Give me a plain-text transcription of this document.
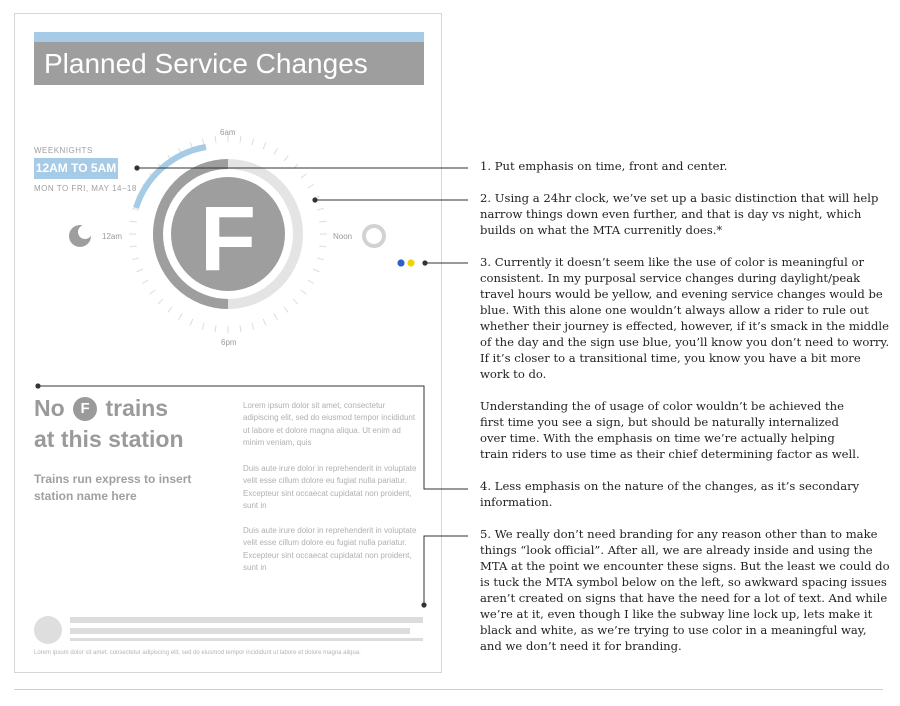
Planned Service Changes
WEEKNIGHTS
12AM TO 5AM
MON TO FRI, MAY 14–18
6am
6pm
12am	Noon
No F trains
at this station
Trains run express to insert station name here
Lorem ipsum dolor sit amet, consectetur adipiscing elit, sed do eiusmod tempor incididunt ut labore et dolore magna aliqua. Ut enim ad minim veniam, quis
Duis aute irure dolor in reprehenderit in voluptate velit esse cillum dolore eu fugiat nulla pariatur. Excepteur sint occaecat cupidatat non proident, sunt in
Duis aute irure dolor in reprehenderit in voluptate velit esse cillum dolore eu fugiat nulla pariatur. Excepteur sint occaecat cupidatat non proident, sunt in
Lorem ipsum dolor sit amet, consectetur adipiscing elit, sed do eiusmod tempor incididunt ut labore et dolore magna aliqua.
F
1. Put emphasis on time, front and center.
2. Using a 24hr clock, we’ve set up a basic distinction that will help
narrow things down even further, and that is day vs night, which
builds on what the MTA currenitly does.*
3. Currently it doesn’t seem like the use of color is meaningful or
consistent. In my purposal service changes during daylight/peak
travel hours would be yellow, and evening service changes would be
blue. With this alone one wouldn’t always allow a rider to rule out
whether their journey is effected, however, if it’s smack in the middle
of the day and the sign use blue, you’ll know you don’t need to worry.
If it’s closer to a transitional time, you know you have a bit more
work to do.
Understanding the of usage of color wouldn’t be achieved the
first time you see a sign, but should be naturally internalized
over time. With the emphasis on time we’re actually helping
train riders to use time as their chief determining factor as well.
4. Less emphasis on the nature of the changes, as it’s secondary
information.
5. We really don’t need branding for any reason other than to make
things “look official”. After all, we are already inside and using the
MTA at the point we encounter these signs. But the least we could do
is tuck the MTA symbol below on the left, so awkward spacing issues
aren’t created on signs that have the need for a lot of text. And while
we’re at it, even though I like the subway line lock up, lets make it
black and white, as we’re trying to use color in a meaningful way,
and we don’t need it for branding.
